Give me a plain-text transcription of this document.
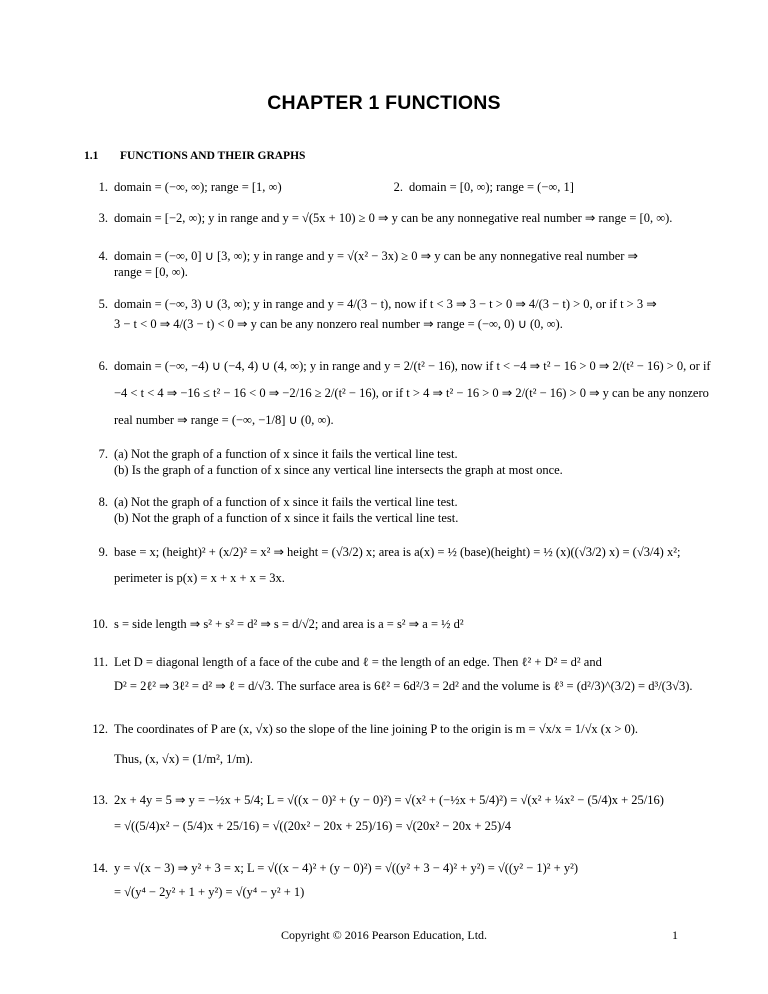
CHAPTER 1 FUNCTIONS
1.1 FUNCTIONS AND THEIR GRAPHS
1. domain = (−∞, ∞); range = [1, ∞)	2. domain = [0, ∞); range = (−∞, 1]
3. domain = [−2, ∞); y in range and y = √(5x + 10) ≥ 0 ⇒ y can be any nonnegative real number ⇒ range = [0, ∞).
4. domain = (−∞, 0] ∪ [3, ∞); y in range and y = √(x² − 3x) ≥ 0 ⇒ y can be any nonnegative real number ⇒
range = [0, ∞).
5. domain = (−∞, 3) ∪ (3, ∞); y in range and y = 4/(3 − t), now if t < 3 ⇒ 3 − t > 0 ⇒ 4/(3 − t) > 0, or if t > 3 ⇒
3 − t < 0 ⇒ 4/(3 − t) < 0 ⇒ y can be any nonzero real number ⇒ range = (−∞, 0) ∪ (0, ∞).
6. domain = (−∞, −4) ∪ (−4, 4) ∪ (4, ∞); y in range and y = 2/(t² − 16), now if t < −4 ⇒ t² − 16 > 0 ⇒ 2/(t² − 16) > 0, or if
−4 < t < 4 ⇒ −16 ≤ t² − 16 < 0 ⇒ −2/16 ≥ 2/(t² − 16), or if t > 4 ⇒ t² − 16 > 0 ⇒ 2/(t² − 16) > 0 ⇒ y can be any nonzero
real number ⇒ range = (−∞, −1/8] ∪ (0, ∞).
7. (a) Not the graph of a function of x since it fails the vertical line test.
(b) Is the graph of a function of x since any vertical line intersects the graph at most once.
8. (a) Not the graph of a function of x since it fails the vertical line test.
(b) Not the graph of a function of x since it fails the vertical line test.
9. base = x; (height)² + (x/2)² = x² ⇒ height = (√3/2) x; area is a(x) = ½ (base)(height) = ½ (x)((√3/2) x) = (√3/4) x²;
perimeter is p(x) = x + x + x = 3x.
10. s = side length ⇒ s² + s² = d² ⇒ s = d/√2; and area is a = s² ⇒ a = ½ d²
11. Let D = diagonal length of a face of the cube and ℓ = the length of an edge. Then ℓ² + D² = d² and
D² = 2ℓ² ⇒ 3ℓ² = d² ⇒ ℓ = d/√3. The surface area is 6ℓ² = 6d²/3 = 2d² and the volume is ℓ³ = (d²/3)^(3/2) = d³/(3√3).
12. The coordinates of P are (x, √x) so the slope of the line joining P to the origin is m = √x/x = 1/√x (x > 0).
Thus, (x, √x) = (1/m², 1/m).
13. 2x + 4y = 5 ⇒ y = −½x + 5/4; L = √((x − 0)² + (y − 0)²) = √(x² + (−½x + 5/4)²) = √(x² + ¼x² − (5/4)x + 25/16)
= √((5/4)x² − (5/4)x + 25/16) = √((20x² − 20x + 25)/16) = √(20x² − 20x + 25)/4
14. y = √(x − 3) ⇒ y² + 3 = x; L = √((x − 4)² + (y − 0)²) = √((y² + 3 − 4)² + y²) = √((y² − 1)² + y²)
= √(y⁴ − 2y² + 1 + y²) = √(y⁴ − y² + 1)
Copyright © 2016 Pearson Education, Ltd.	1
